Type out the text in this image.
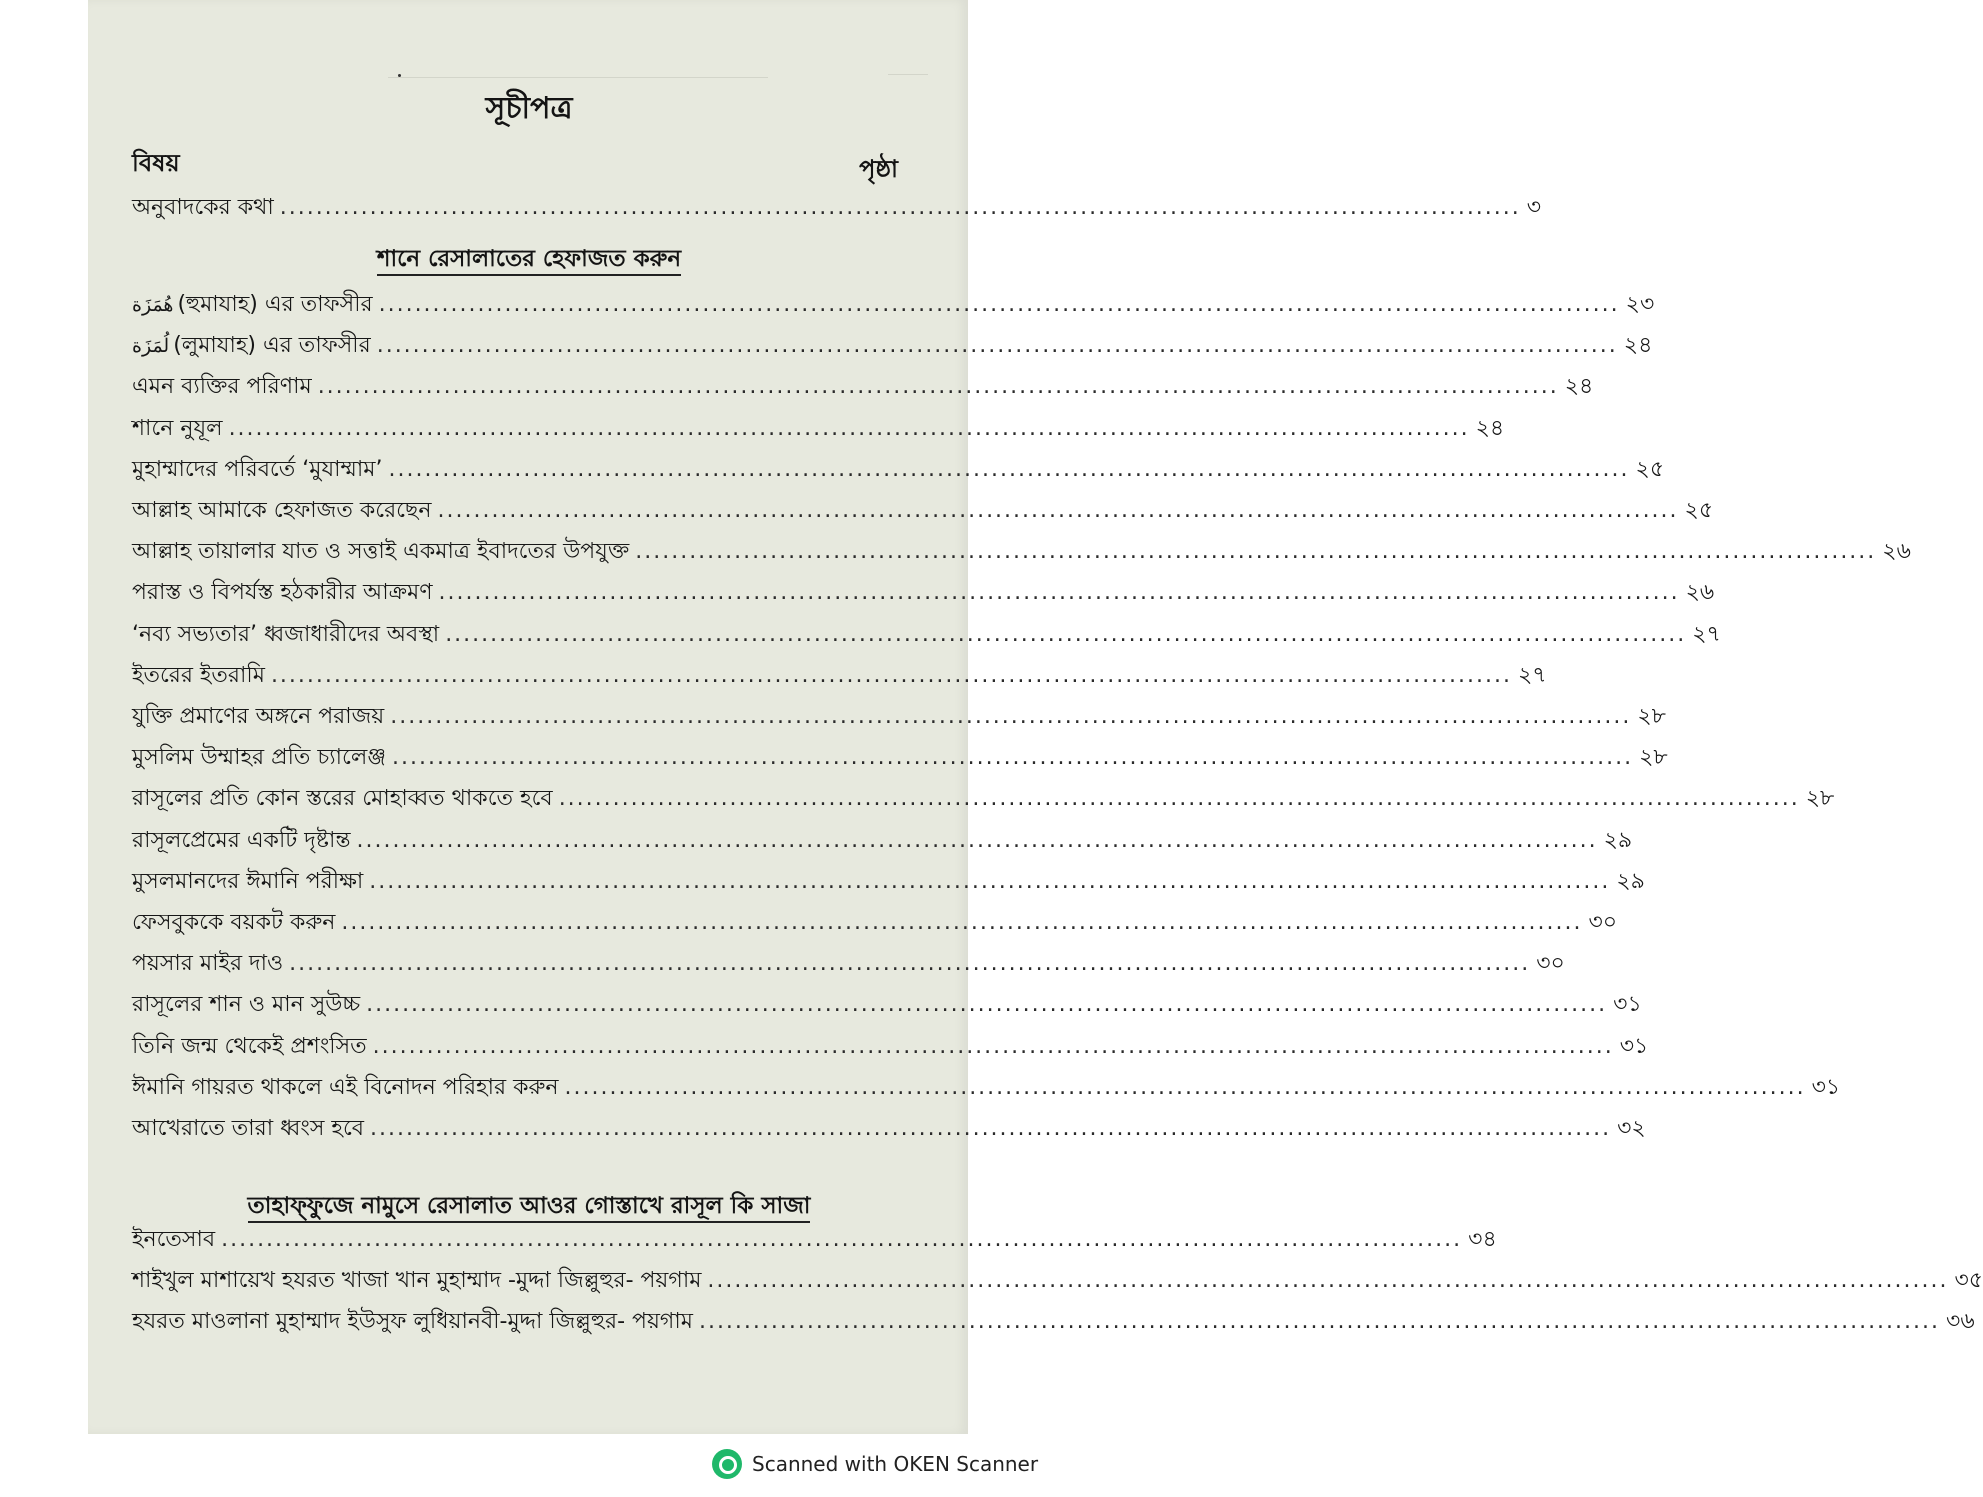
সূচীপত্র
বিষয়	পৃষ্ঠা
অনুবাদকের কথা .......................................................................................................................................... ৩
শানে রেসালাতের হেফাজত করুন
هُمَزَة (হুমাযাহ) এর তাফসীর .......................................................................................................................................... ২৩
لُمَزَة (লুমাযাহ) এর তাফসীর .......................................................................................................................................... ২৪
এমন ব্যক্তির পরিণাম .......................................................................................................................................... ২৪
শানে নুযূল .......................................................................................................................................... ২৪
মুহাম্মাদের পরিবর্তে ‘মুযাম্মাম’ .......................................................................................................................................... ২৫
আল্লাহ আমাকে হেফাজত করেছেন .......................................................................................................................................... ২৫
আল্লাহ তায়ালার যাত ও সত্তাই একমাত্র ইবাদতের উপযুক্ত .......................................................................................................................................... ২৬
পরাস্ত ও বিপর্যস্ত হঠকারীর আক্রমণ .......................................................................................................................................... ২৬
‘নব্য সভ্যতার’ ধ্বজাধারীদের অবস্থা .......................................................................................................................................... ২৭
ইতরের ইতরামি .......................................................................................................................................... ২৭
যুক্তি প্রমাণের অঙ্গনে পরাজয় .......................................................................................................................................... ২৮
মুসলিম উম্মাহর প্রতি চ্যালেঞ্জ .......................................................................................................................................... ২৮
রাসূলের প্রতি কোন স্তরের মোহাব্বত থাকতে হবে .......................................................................................................................................... ২৮
রাসূলপ্রেমের একটি দৃষ্টান্ত .......................................................................................................................................... ২৯
মুসলমানদের ঈমানি পরীক্ষা .......................................................................................................................................... ২৯
ফেসবুককে বয়কট করুন .......................................................................................................................................... ৩০
পয়সার মাইর দাও .......................................................................................................................................... ৩০
রাসূলের শান ও মান সুউচ্চ .......................................................................................................................................... ৩১
তিনি জন্ম থেকেই প্রশংসিত .......................................................................................................................................... ৩১
ঈমানি গায়রত থাকলে এই বিনোদন পরিহার করুন .......................................................................................................................................... ৩১
আখেরাতে তারা ধ্বংস হবে .......................................................................................................................................... ৩২
তাহাফ্ফুজে নামুসে রেসালাত আওর গোস্তাখে রাসূল কি সাজা
ইনতেসাব .......................................................................................................................................... ৩৪
শাইখুল মাশায়েখ হযরত খাজা খান মুহাম্মাদ -মুদ্দা জিল্লুহুর- পয়গাম .......................................................................................................................................... ৩৫
হযরত মাওলানা মুহাম্মাদ ইউসুফ লুধিয়ানবী-মুদ্দা জিল্লুহুর- পয়গাম .......................................................................................................................................... ৩৬
Scanned with OKEN Scanner
